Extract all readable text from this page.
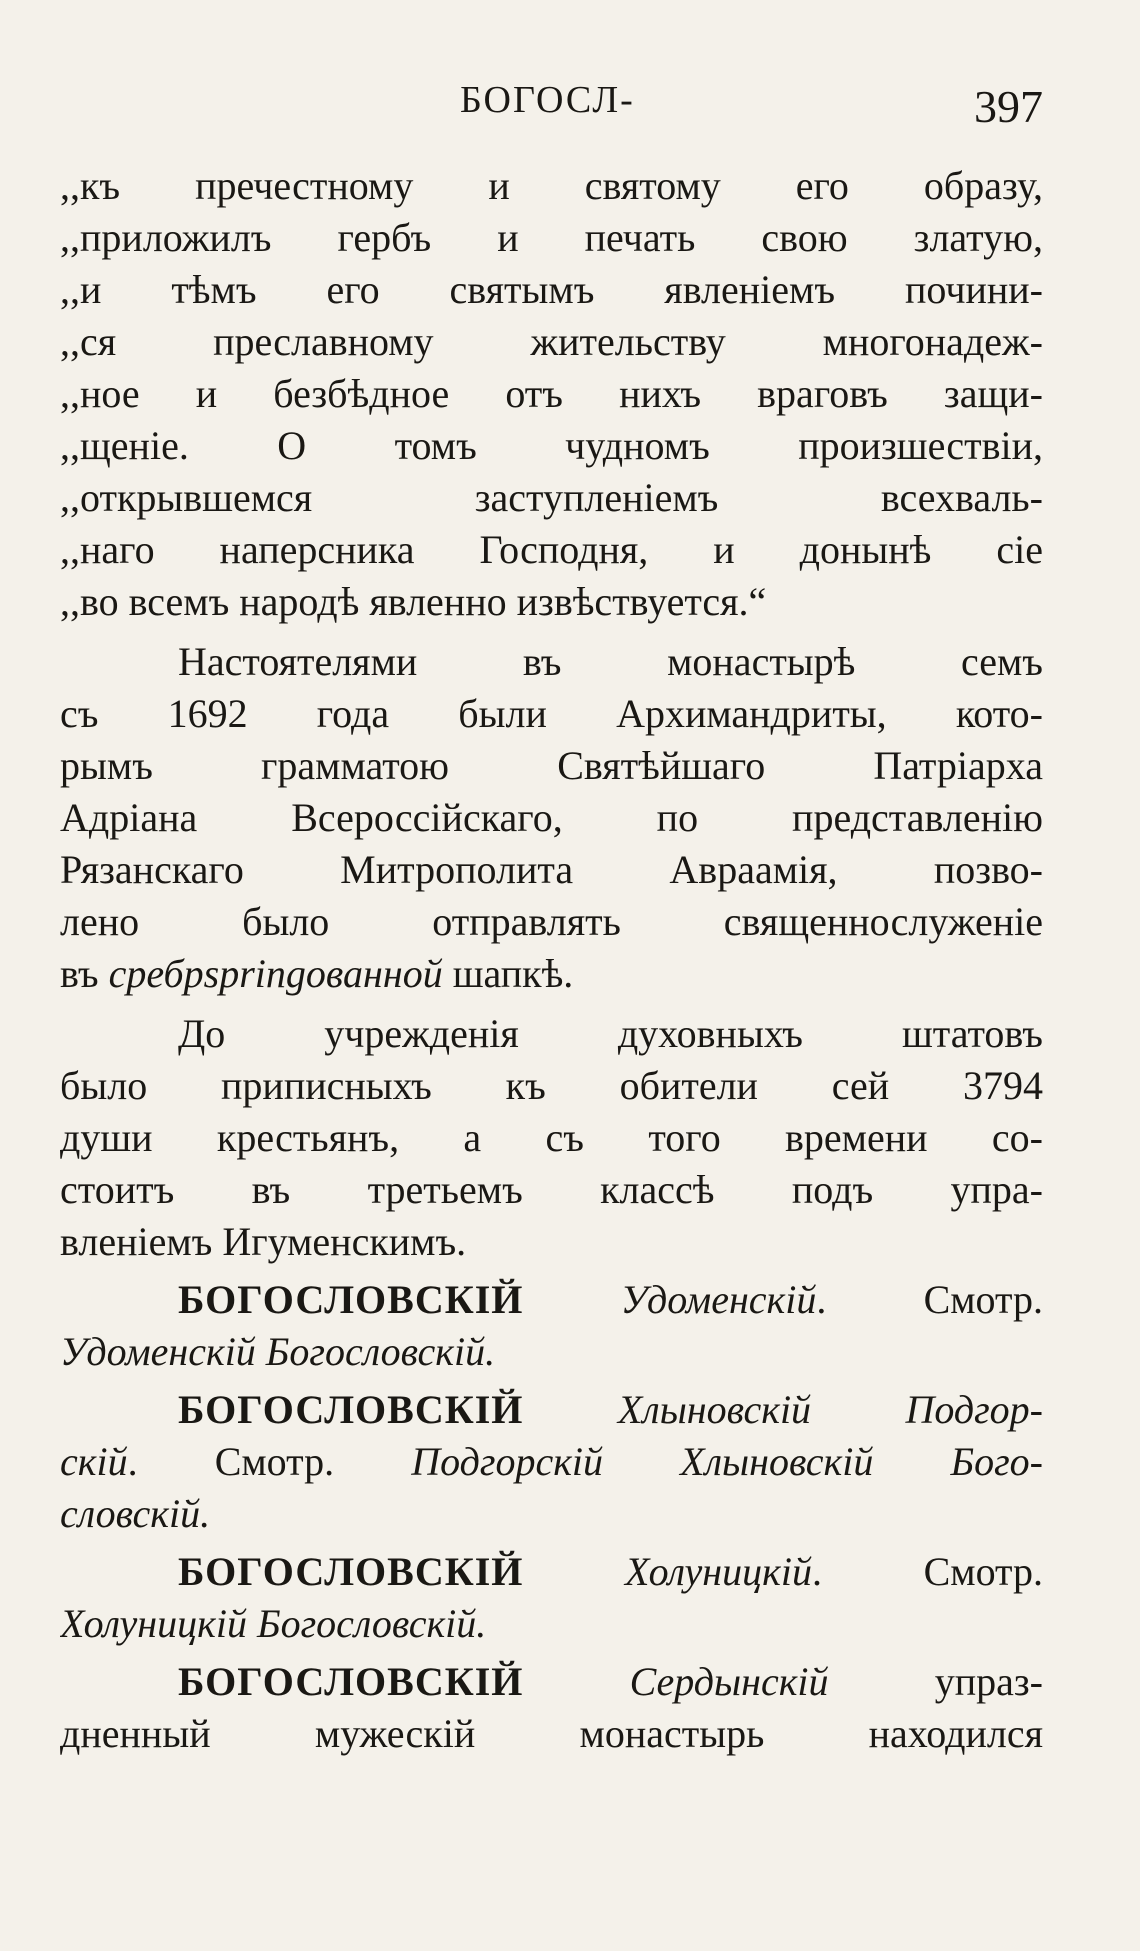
БОГОСЛ-	397
,,къ пречестному и святому его образу,
,,приложилъ гербъ и печать свою златую,
,,и тѣмъ его святымъ явленіемъ почини-
,,ся преславному жительству многонадеж-
,,ное и безбѣдное отъ нихъ враговъ защи-
,,щеніе. О томъ чудномъ произшествіи,
,,открывшемся заступленіемъ всехваль-
,,наго наперсника Господня, и донынѣ сіе
,,во всемъ народѣ явленно извѣствуется.“
Настоятелями въ монастырѣ семъ
съ 1692 года были Архимандриты, кото-
рымъ грамматою Святѣйшаго Патріарха
Адріана Всероссійскаго, по представленію
Рязанскаго Митрополита Авраамія, позво-
лено было отправлять священнослуженіе
въ сребрspringованной шапкѣ.
До учрежденія духовныхъ штатовъ
было приписныхъ къ обители сей 3794
души крестьянъ, а съ того времени со-
стоитъ въ третьемъ классѣ подъ упра-
вленіемъ Игуменскимъ.
БОГОСЛОВСКІЙ Удоменскій. Смотр.
Удоменскій Богословскій.
БОГОСЛОВСКІЙ Хлыновскій Подгор-
скій. Смотр. Подгорскій Хлыновскій Бого-
словскій.
БОГОСЛОВСКІЙ	Холуницкій. Смотр.
Холуницкій Богословскій.
БОГОСЛОВСКІЙ	Сердынскій упраз-
дненный мужескій монастырь находился
